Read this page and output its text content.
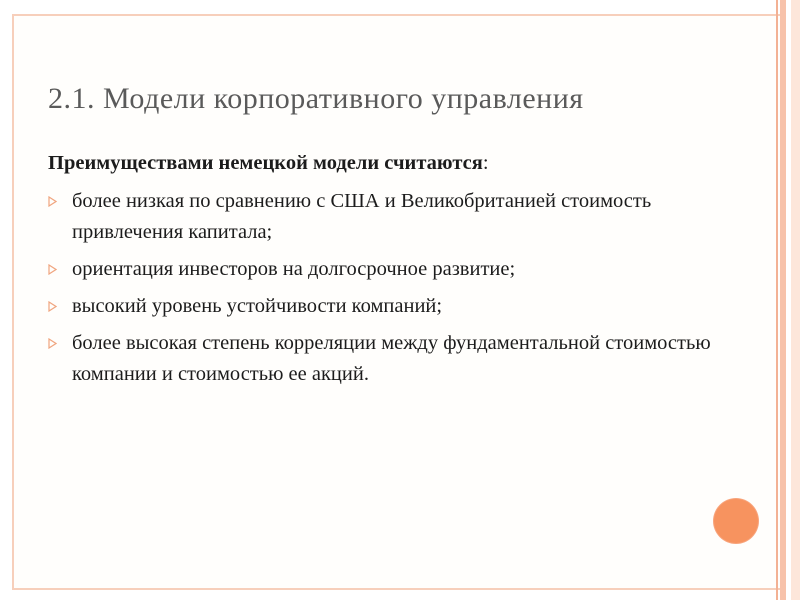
2.1. Модели корпоративного управления
Преимуществами немецкой модели считаются:
более низкая по сравнению с США и Великобританией стоимость привлечения капитала;
ориентация инвесторов на долгосрочное развитие;
высокий уровень устойчивости компаний;
более высокая степень корреляции между фундаментальной стоимостью компании и стоимостью ее акций.
